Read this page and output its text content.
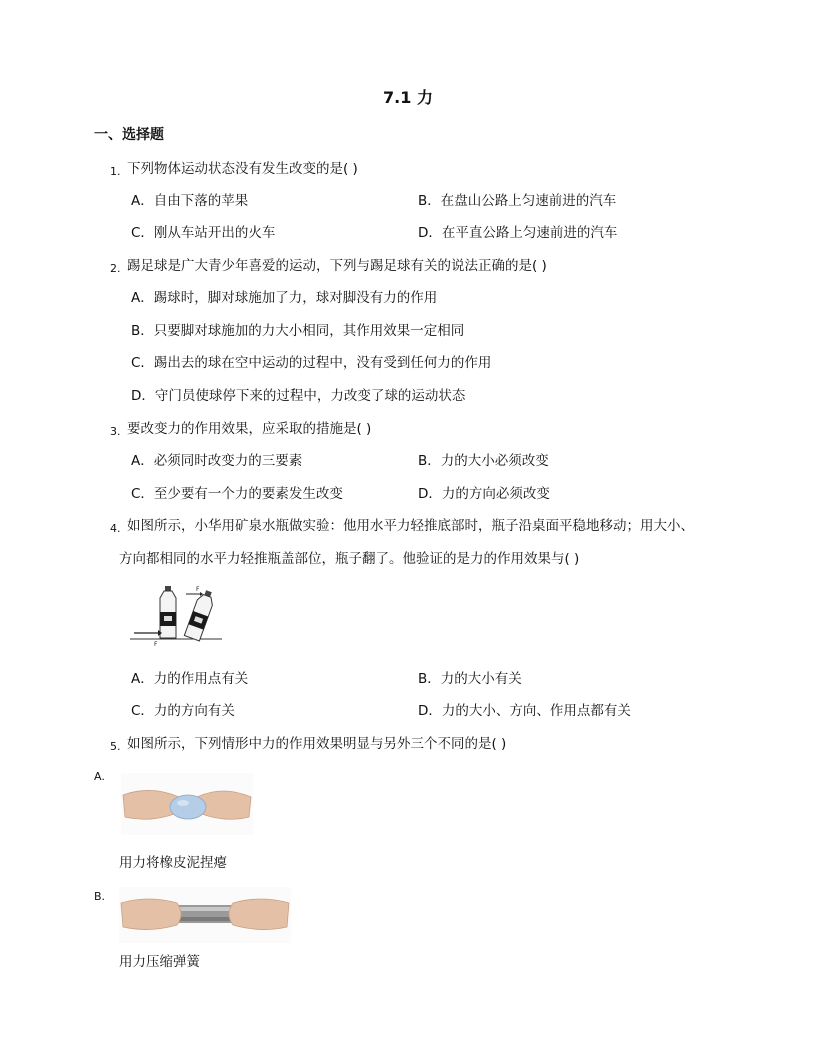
7.1 力
一、选择题
1. 下列物体运动状态没有发生改变的是( )
A．自由下落的苹果	B．在盘山公路上匀速前进的汽车
C．刚从车站开出的火车	D．在平直公路上匀速前进的汽车
2. 踢足球是广大青少年喜爱的运动，下列与踢足球有关的说法正确的是( )
A．踢球时，脚对球施加了力，球对脚没有力的作用
B．只要脚对球施加的力大小相同，其作用效果一定相同
C．踢出去的球在空中运动的过程中，没有受到任何力的作用
D．守门员使球停下来的过程中，力改变了球的运动状态
3. 要改变力的作用效果，应采取的措施是( )
A．必须同时改变力的三要素	B．力的大小必须改变
C．至少要有一个力的要素发生改变	D．力的方向必须改变
4. 如图所示，小华用矿泉水瓶做实验：他用水平力轻推底部时，瓶子沿桌面平稳地移动；用大小、
方向都相同的水平力轻推瓶盖部位，瓶子翻了。他验证的是力的作用效果与( )
F
F
A．力的作用点有关	B．力的大小有关
C．力的方向有关	D．力的大小、方向、作用点都有关
5. 如图所示，下列情形中力的作用效果明显与另外三个不同的是( )
A.
用力将橡皮泥捏瘪
B.
用力压缩弹簧
